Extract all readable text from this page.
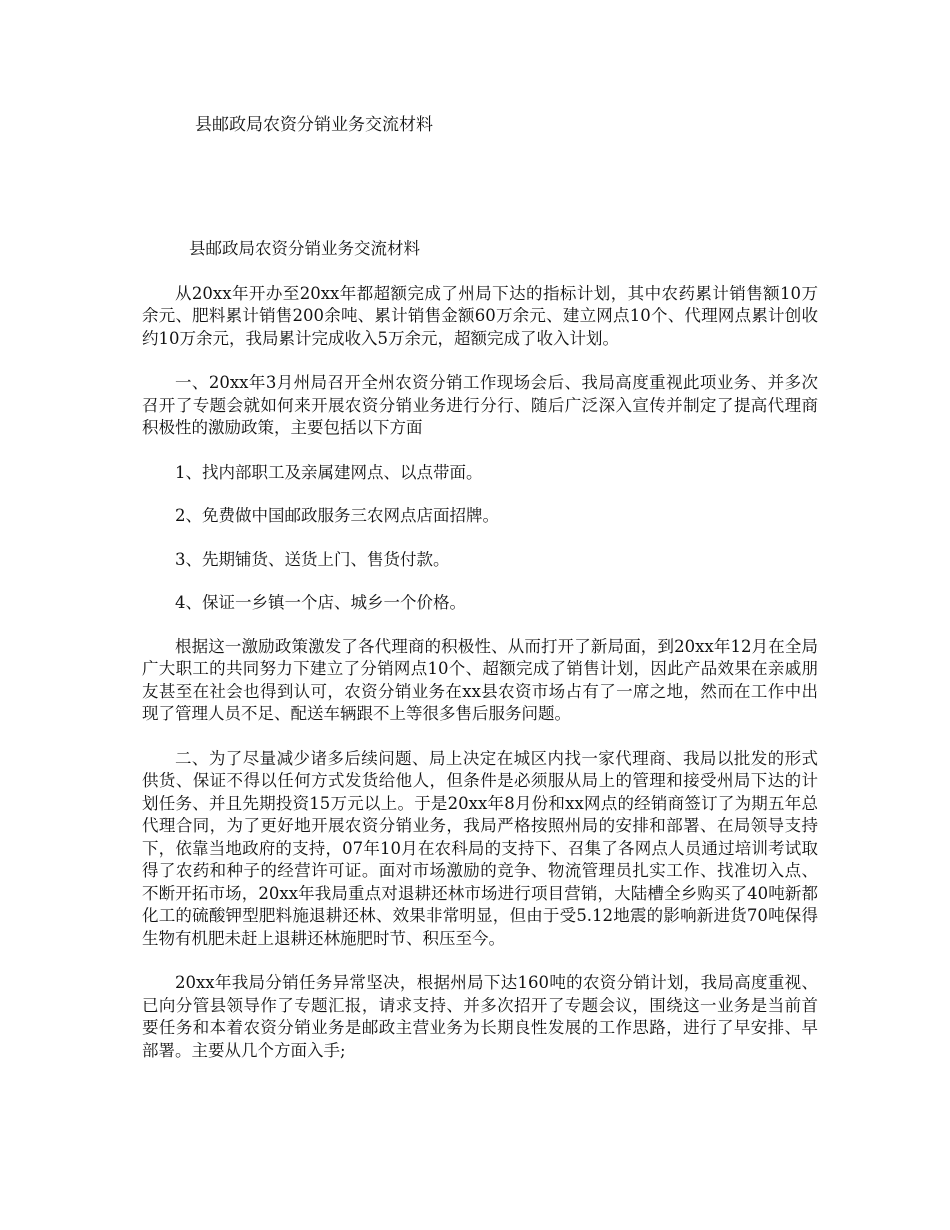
县邮政局农资分销业务交流材料
县邮政局农资分销业务交流材料

从20xx年开办至20xx年都超额完成了州局下达的指标计划，其中农药累计销售额10万余元、肥料累计销售200余吨、累计销售金额60万余元、建立网点10个、代理网点累计创收约10万余元，我局累计完成收入5万余元，超额完成了收入计划。

一、20xx年3月州局召开全州农资分销工作现场会后、我局高度重视此项业务、并多次召开了专题会就如何来开展农资分销业务进行分行、随后广泛深入宣传并制定了提高代理商积极性的激励政策，主要包括以下方面

1、找内部职工及亲属建网点、以点带面。

2、免费做中国邮政服务三农网点店面招牌。

3、先期铺货、送货上门、售货付款。

4、保证一乡镇一个店、城乡一个价格。

根据这一激励政策激发了各代理商的积极性、从而打开了新局面，到20xx年12月在全局广大职工的共同努力下建立了分销网点10个、超额完成了销售计划，因此产品效果在亲戚朋友甚至在社会也得到认可，农资分销业务在xx县农资市场占有了一席之地，然而在工作中出现了管理人员不足、配送车辆跟不上等很多售后服务问题。

二、为了尽量减少诸多后续问题、局上决定在城区内找一家代理商、我局以批发的形式供货、保证不得以任何方式发货给他人，但条件是必须服从局上的管理和接受州局下达的计划任务、并且先期投资15万元以上。于是20xx年8月份和xx网点的经销商签订了为期五年总代理合同，为了更好地开展农资分销业务，我局严格按照州局的安排和部署、在局领导支持下，依靠当地政府的支持，07年10月在农科局的支持下、召集了各网点人员通过培训考试取得了农药和种子的经营许可证。面对市场激励的竞争、物流管理员扎实工作、找准切入点、不断开拓市场，20xx年我局重点对退耕还林市场进行项目营销，大陆槽全乡购买了40吨新都化工的硫酸钾型肥料施退耕还林、效果非常明显，但由于受5.12地震的影响新进货70吨保得生物有机肥未赶上退耕还林施肥时节、积压至今。

20xx年我局分销任务异常坚决，根据州局下达160吨的农资分销计划，我局高度重视、已向分管县领导作了专题汇报，请求支持、并多次招开了专题会议，围绕这一业务是当前首要任务和本着农资分销业务是邮政主营业务为长期良性发展的工作思路，进行了早安排、早部署。主要从几个方面入手;
